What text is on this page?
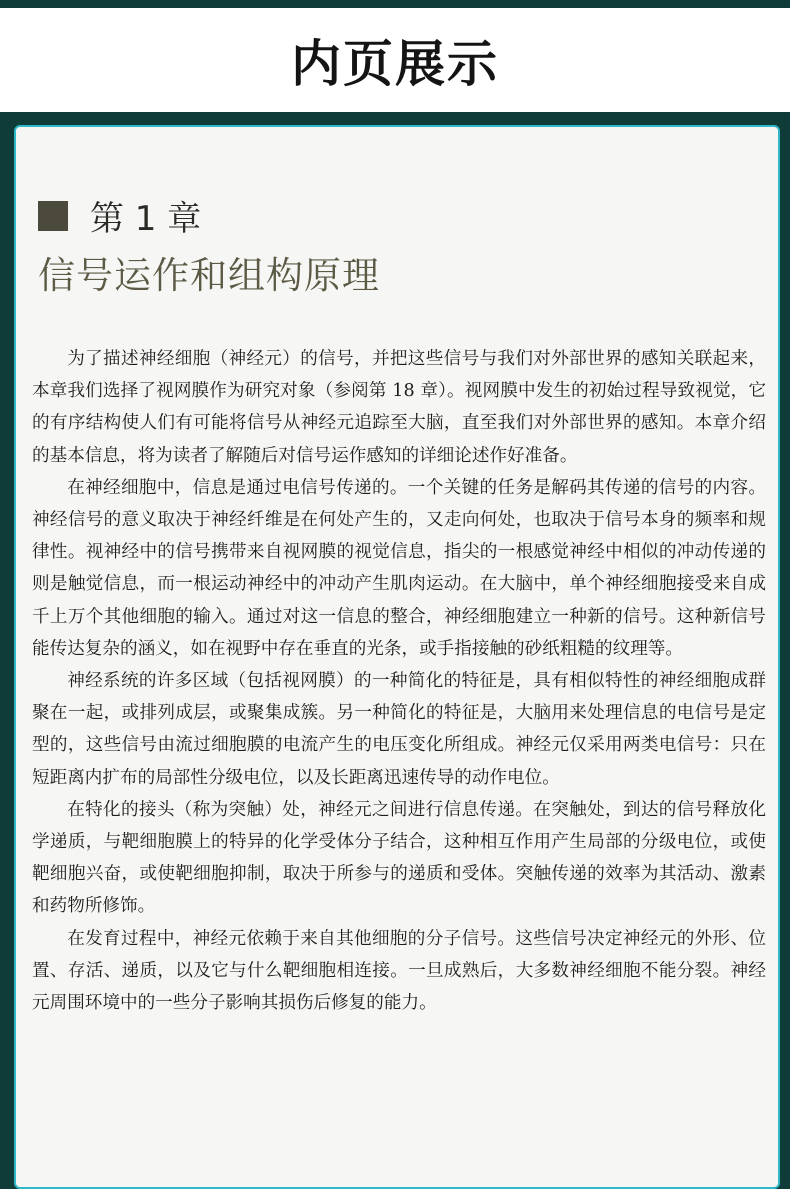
内页展示
第 1 章
信号运作和组构原理

为了描述神经细胞（神经元）的信号，并把这些信号与我们对外部世界的感知关联起来，本章我们选择了视网膜作为研究对象（参阅第 18 章）。视网膜中发生的初始过程导致视觉，它的有序结构使人们有可能将信号从神经元追踪至大脑，直至我们对外部世界的感知。本章介绍的基本信息，将为读者了解随后对信号运作感知的详细论述作好准备。

在神经细胞中，信息是通过电信号传递的。一个关键的任务是解码其传递的信号的内容。神经信号的意义取决于神经纤维是在何处产生的，又走向何处，也取决于信号本身的频率和规律性。视神经中的信号携带来自视网膜的视觉信息，指尖的一根感觉神经中相似的冲动传递的则是触觉信息，而一根运动神经中的冲动产生肌肉运动。在大脑中，单个神经细胞接受来自成千上万个其他细胞的输入。通过对这一信息的整合，神经细胞建立一种新的信号。这种新信号能传达复杂的涵义，如在视野中存在垂直的光条，或手指接触的砂纸粗糙的纹理等。

神经系统的许多区域（包括视网膜）的一种简化的特征是，具有相似特性的神经细胞成群聚在一起，或排列成层，或聚集成簇。另一种简化的特征是，大脑用来处理信息的电信号是定型的，这些信号由流过细胞膜的电流产生的电压变化所组成。神经元仅采用两类电信号：只在短距离内扩布的局部性分级电位，以及长距离迅速传导的动作电位。

在特化的接头（称为突触）处，神经元之间进行信息传递。在突触处，到达的信号释放化学递质，与靶细胞膜上的特异的化学受体分子结合，这种相互作用产生局部的分级电位，或使靶细胞兴奋，或使靶细胞抑制，取决于所参与的递质和受体。突触传递的效率为其活动、激素和药物所修饰。

在发育过程中，神经元依赖于来自其他细胞的分子信号。这些信号决定神经元的外形、位置、存活、递质，以及它与什么靶细胞相连接。一旦成熟后，大多数神经细胞不能分裂。神经元周围环境中的一些分子影响其损伤后修复的能力。
